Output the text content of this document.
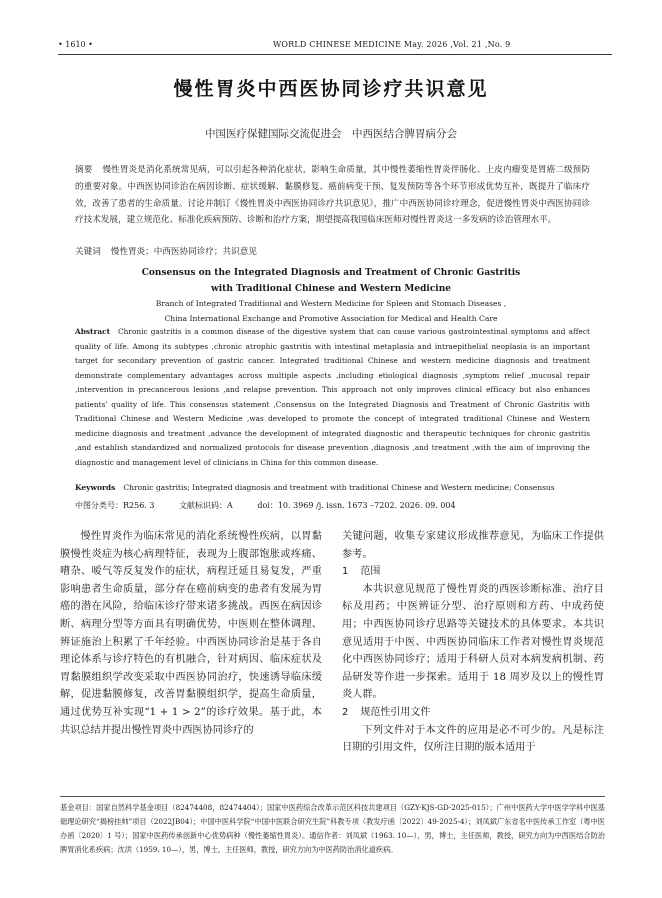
• 1610 •	WORLD CHINESE MEDICINE May. 2026 ,Vol. 21 ,No. 9
慢性胃炎中西医协同诊疗共识意见
中国医疗保健国际交流促进会　中西医结合脾胃病分会
摘要 慢性胃炎是消化系统常见病，可以引起各种消化症状，影响生命质量，其中慢性萎缩性胃炎伴肠化、上皮内瘤变是胃癌二级预防的重要对象。中西医协同诊治在病因诊断、症状缓解、黏膜修复、癌前病变干预、复发预防等各个环节形成优势互补，既提升了临床疗效，改善了患者的生命质量。讨论并制订《慢性胃炎中西医协同诊疗共识意见》，推广中西医协同诊疗理念，促进慢性胃炎中西医协同诊疗技术发展，建立规范化、标准化疾病预防、诊断和治疗方案，期望提高我国临床医师对慢性胃炎这一多发病的诊治管理水平。
关键词 慢性胃炎；中西医协同诊疗；共识意见
Consensus on the Integrated Diagnosis and Treatment of Chronic Gastritis
with Traditional Chinese and Western Medicine
Branch of Integrated Traditional and Western Medicine for Spleen and Stomach Diseases ,
China International Exchange and Promotive Association for Medical and Health Care
Abstract Chronic gastritis is a common disease of the digestive system that can cause various gastrointestinal symptoms and affect quality of life. Among its subtypes ,chronic atrophic gastritis with intestinal metaplasia and intraepithelial neoplasia is an important target for secondary prevention of gastric cancer. Integrated traditional Chinese and western medicine diagnosis and treatment demonstrate complementary advantages across multiple aspects ,including etiological diagnosis ,symptom relief ,mucosal repair ,intervention in precancerous lesions ,and relapse prevention. This approach not only improves clinical efficacy but also enhances patients' quality of life. This consensus statement ,Consensus on the Integrated Diagnosis and Treatment of Chronic Gastritis with Traditional Chinese and Western Medicine ,was developed to promote the concept of integrated traditional Chinese and Western medicine diagnosis and treatment ,advance the development of integrated diagnostic and therapeutic techniques for chronic gastritis ,and establish standardized and normalized protocols for disease prevention ,diagnosis ,and treatment ,with the aim of improving the diagnostic and management level of clinicians in China for this common disease.
Keywords Chronic gastritis; Integrated diagnosis and treatment with traditional Chinese and Western medicine; Consensus
中图分类号：R256. 3	文献标识码：A	doi：10. 3969 /j. issn. 1673 –7202. 2026. 09. 004

慢性胃炎作为临床常见的消化系统慢性疾病，以胃黏膜慢性炎症为核心病理特征，表现为上腹部饱胀或疼痛、嘈杂、嗳气等反复发作的症状，病程迁延且易复发，严重影响患者生命质量，部分存在癌前病变的患者有发展为胃癌的潜在风险，给临床诊疗带来诸多挑战。西医在病因诊断、病理分型等方面具有明确优势，中医则在整体调理、辨证施治上积累了千年经验。中西医协同诊治是基于各自理论体系与诊疗特色的有机融合，针对病因、临床症状及胃黏膜组织学改变采取中西医协同治疗，快速诱导临床缓解，促进黏膜修复，改善胃黏膜组织学，提高生命质量，通过优势互补实现“1 + 1 > 2”的诊疗效果。基于此，本共识总结并提出慢性胃炎中西医协同诊疗的

关键问题，收集专家建议形成推荐意见，为临床工作提供参考。

1 范围

本共识意见规范了慢性胃炎的西医诊断标准、治疗目标及用药；中医辨证分型、治疗原则和方药、中成药使用；中西医协同诊疗思路等关键技术的具体要求。本共识意见适用于中医、中西医协同临床工作者对慢性胃炎规范化中西医协同诊疗；适用于科研人员对本病发病机制、药品研发等作进一步探索。适用于 18 周岁及以上的慢性胃炎人群。

2 规范性引用文件

下列文件对于本文件的应用是必不可少的。凡是标注日期的引用文件，仅所注日期的版本适用于

基金项目：国家自然科学基金项目（82474408，82474404）；国家中医药综合改革示范区科技共建项目（GZY-KJS-GD-2025-015）；广州中医药大学中医学学科中医基础理论研究“揭榜挂帅”项目（2022JB04）；中国中医科学院“中国中医联合研究生院”科教专项（教发疗函〔2022〕49-2025-4）；刘凤斌广东省名中医传承工作室（粤中医办函〔2020〕1 号）；国家中医药传承创新中心优势病种（慢性萎缩性胃炎）。通信作者：刘凤斌（1963. 10—），男，博士，主任医师，教授，研究方向为中西医结合防治脾胃消化系疾病；沈洪（1959. 10—），男，博士，主任医师，教授，研究方向为中医药防治消化道疾病。
